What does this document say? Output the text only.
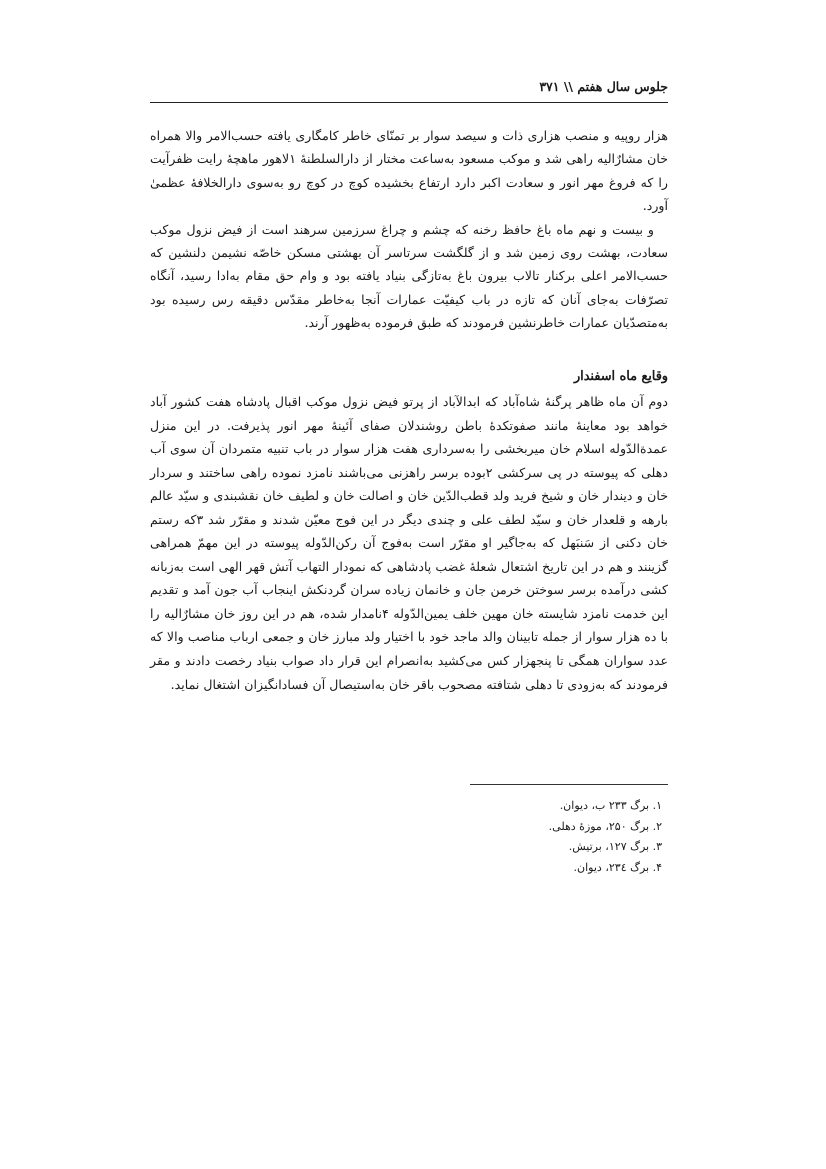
جلوس سال هفتم \\ ۳۷۱

هزار روپیه و منصب هزاری ذات و سیصد سوار بر تمنّای خاطر کامگاری یافته حسب‌الامر والا همراه خان مشارٌالیه راهی شد و موکب مسعود به‌ساعت مختار از دارالسلطنهٔ ۱لاهور ماهچهٔ رایت ظفرآیت را که فروغ مهر انور و سعادت اکبر دارد ارتفاع بخشیده کوچ در کوچ رو به‌سوی دارالخلافهٔ عظمیٰ آورد.

و بیست و نهم ماه باغ حافظ رخنه که چشم و چراغ سرزمین سرهند است از فیض نزول موکب سعادت، بهشت روی زمین شد و از گلگشت سرتاسر آن بهشتی مسکن خاصّه نشیمن دلنشین که حسب‌الامر اعلی برکنار تالاب بیرون باغ به‌تازگی بنیاد یافته بود و وام حق مقام به‌ادا رسید، آنگاه تصرّفات به‌جای آنان که تازه در باب کیفیّت عمارات آنجا به‌خاطر مقدّس دقیقه رس رسیده بود به‌متصدّیان عمارات خاطرنشین فرمودند که طبق فرموده به‌ظهور آرند.

وقایع ماه اسفندار

دوم آن ماه ظاهر پرگنهٔ شاه‌آباد که ابدالآباد از پرتو فیض نزول موکب اقبال پادشاه هفت کشور آباد خواهد بود معاینهٔ مانند صفوتکدهٔ باطن روشندلان صفای آئینهٔ مهر انور پذیرفت. در این منزل عمدةالدّوله اسلام خان میربخشی را به‌سرداری هفت هزار سوار در باب تنبیه متمردان آن سوی آب دهلی که پیوسته در پی سرکشی ۲بوده برسر راهزنی می‌باشند نامزد نموده راهی ساختند و سردار خان و دیندار خان و شیخ فرید ولد قطب‌الدّین خان و اصالت خان و لطیف خان نقشبندی و سیّد عالم بارهه و قلعدار خان و سیّد لطف علی و چندی دیگر در این فوج معیّن شدند و مقرّر شد ۳که رستم خان دکنی از سَنبَهل که به‌جاگیر او مقرّر است به‌فوج آن رکن‌الدّوله پیوسته در این مهمّ همراهی گزینند و هم در این تاریخ اشتعال شعلهٔ غضب پادشاهی که نمودار التهاب آتش قهر الهی است به‌زبانه کشی درآمده برسر سوختن خرمن جان و خانمان زیاده سران گردنکش اینجاب آب جون آمد و تقدیم این خدمت نامزد شایسته خان مهین خلف یمین‌الدّوله ۴نامدار شده، هم در این روز خان مشارٌالیه را با ده هزار سوار از جمله تابینان والد ماجد خود با اختیار ولد مبارز خان و جمعی ارباب مناصب والا که عدد سواران همگی تا پنجهزار کس می‌کشید به‌انصرام این قرار داد صواب بنیاد رخصت دادند و مقر فرمودند که به‌زودی تا دهلی شتافته مصحوب باقر خان به‌استیصال آن فسادانگیزان اشتغال نماید.

۱. برگ ۲۳۳ ب، دیوان.
۲. برگ ۲۵۰، موزهٔ دهلی.
۳. برگ ۱۲۷، برتیش.
۴. برگ ۲۳٤، دیوان.
